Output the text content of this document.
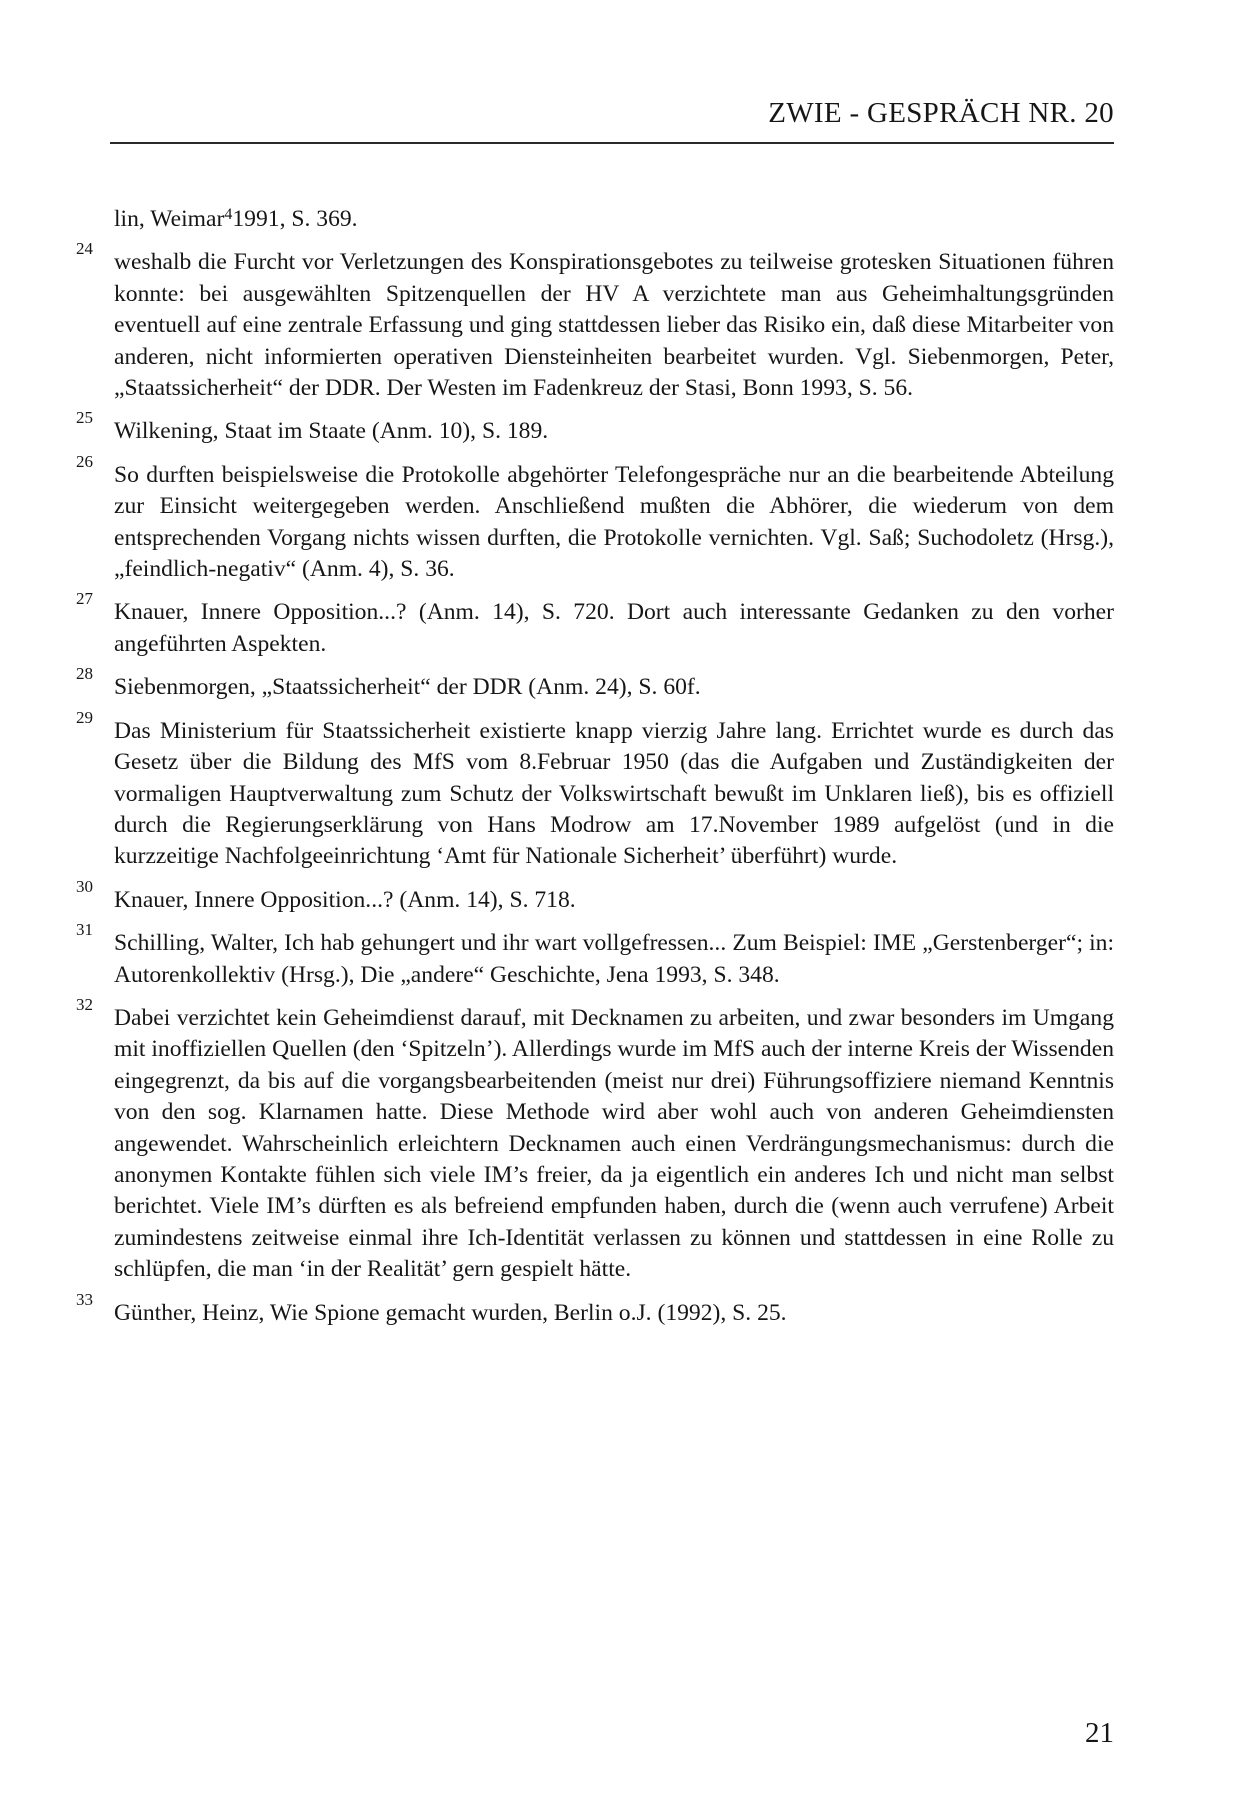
ZWIE - GESPRÄCH NR. 20
lin, Weimar$^4$1991, S. 369.
24
weshalb die Furcht vor Verletzungen des Konspirationsgebotes zu teilweise grotesken Situationen führen konnte: bei ausgewählten Spitzenquellen der HV A verzichtete man aus Geheimhaltungsgründen eventuell auf eine zentrale Erfassung und ging stattdessen lieber das Risiko ein, daß diese Mitarbeiter von anderen, nicht informierten operativen Diensteinheiten bearbeitet wurden. Vgl. Siebenmorgen, Peter, „Staatssicherheit“ der DDR. Der Westen im Fadenkreuz der Stasi, Bonn 1993, S. 56.
25
Wilkening, Staat im Staate (Anm. 10), S. 189.
26
So durften beispielsweise die Protokolle abgehörter Telefongespräche nur an die bearbeitende Abteilung zur Einsicht weitergegeben werden. Anschließend mußten die Abhörer, die wiederum von dem entsprechenden Vorgang nichts wissen durften, die Protokolle vernichten. Vgl. Saß; Suchodoletz (Hrsg.), „feindlich-negativ“ (Anm. 4), S. 36.
27
Knauer, Innere Opposition...? (Anm. 14), S. 720. Dort auch interessante Gedanken zu den vorher angeführten Aspekten.
28
Siebenmorgen, „Staatssicherheit“ der DDR (Anm. 24), S. 60f.
29
Das Ministerium für Staatssicherheit existierte knapp vierzig Jahre lang. Errichtet wurde es durch das Gesetz über die Bildung des MfS vom 8.Februar 1950 (das die Aufgaben und Zuständigkeiten der vormaligen Hauptverwaltung zum Schutz der Volkswirtschaft bewußt im Unklaren ließ), bis es offiziell durch die Regierungserklärung von Hans Modrow am 17.November 1989 aufgelöst (und in die kurzzeitige Nachfolgeeinrichtung ‘Amt für Nationale Sicherheit’ überführt) wurde.
30
Knauer, Innere Opposition...? (Anm. 14), S. 718.
31
Schilling, Walter, Ich hab gehungert und ihr wart vollgefressen... Zum Beispiel: IME „Gerstenberger“; in: Autorenkollektiv (Hrsg.), Die „andere“ Geschichte, Jena 1993, S. 348.
32
Dabei verzichtet kein Geheimdienst darauf, mit Decknamen zu arbeiten, und zwar besonders im Umgang mit inoffiziellen Quellen (den ‘Spitzeln’). Allerdings wurde im MfS auch der interne Kreis der Wissenden eingegrenzt, da bis auf die vorgangsbearbeitenden (meist nur drei) Führungsoffiziere niemand Kenntnis von den sog. Klarnamen hatte. Diese Methode wird aber wohl auch von anderen Geheimdiensten angewendet. Wahrscheinlich erleichtern Decknamen auch einen Verdrängungsmechanismus: durch die anonymen Kontakte fühlen sich viele IM’s freier, da ja eigentlich ein anderes Ich und nicht man selbst berichtet. Viele IM’s dürften es als befreiend empfunden haben, durch die (wenn auch verrufene) Arbeit zumindestens zeitweise einmal ihre Ich-Identität verlassen zu können und stattdessen in eine Rolle zu schlüpfen, die man ‘in der Realität’ gern gespielt hätte.
33
Günther, Heinz, Wie Spione gemacht wurden, Berlin o.J. (1992), S. 25.
21
